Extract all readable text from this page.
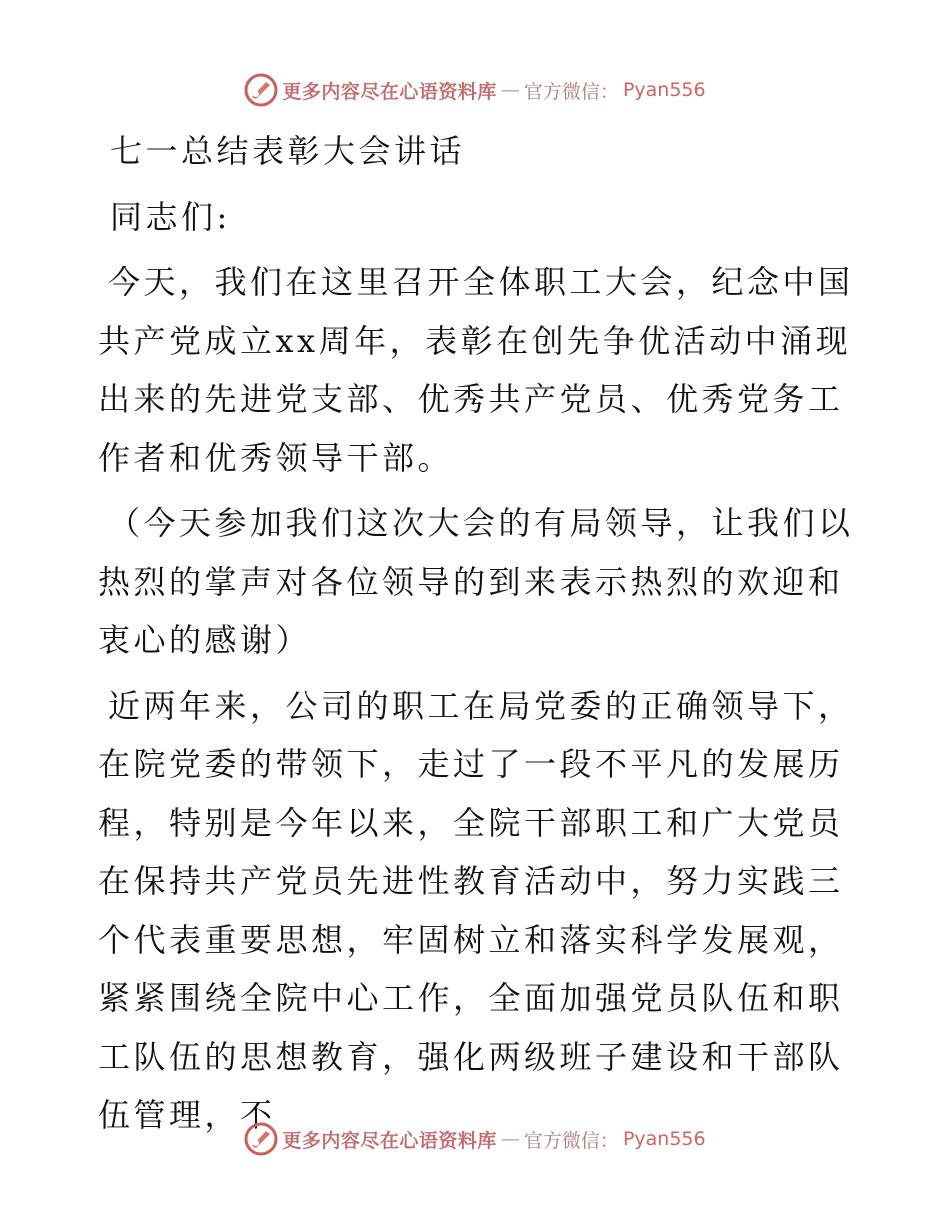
更多内容尽在心语资料库 — 官方微信： Pyan556

七一总结表彰大会讲话

同志们:

今天，我们在这里召开全体职工大会，纪念中国共产党成立xx周年，表彰在创先争优活动中涌现出来的先进党支部、优秀共产党员、优秀党务工作者和优秀领导干部。

（今天参加我们这次大会的有局领导，让我们以热烈的掌声对各位领导的到来表示热烈的欢迎和衷心的感谢）

近两年来，公司的职工在局党委的正确领导下，在院党委的带领下，走过了一段不平凡的发展历程，特别是今年以来，全院干部职工和广大党员在保持共产党员先进性教育活动中，努力实践三个代表重要思想，牢固树立和落实科学发展观，紧紧围绕全院中心工作，全面加强党员队伍和职工队伍的思想教育，强化两级班子建设和干部队伍管理，不

更多内容尽在心语资料库 — 官方微信： Pyan556
